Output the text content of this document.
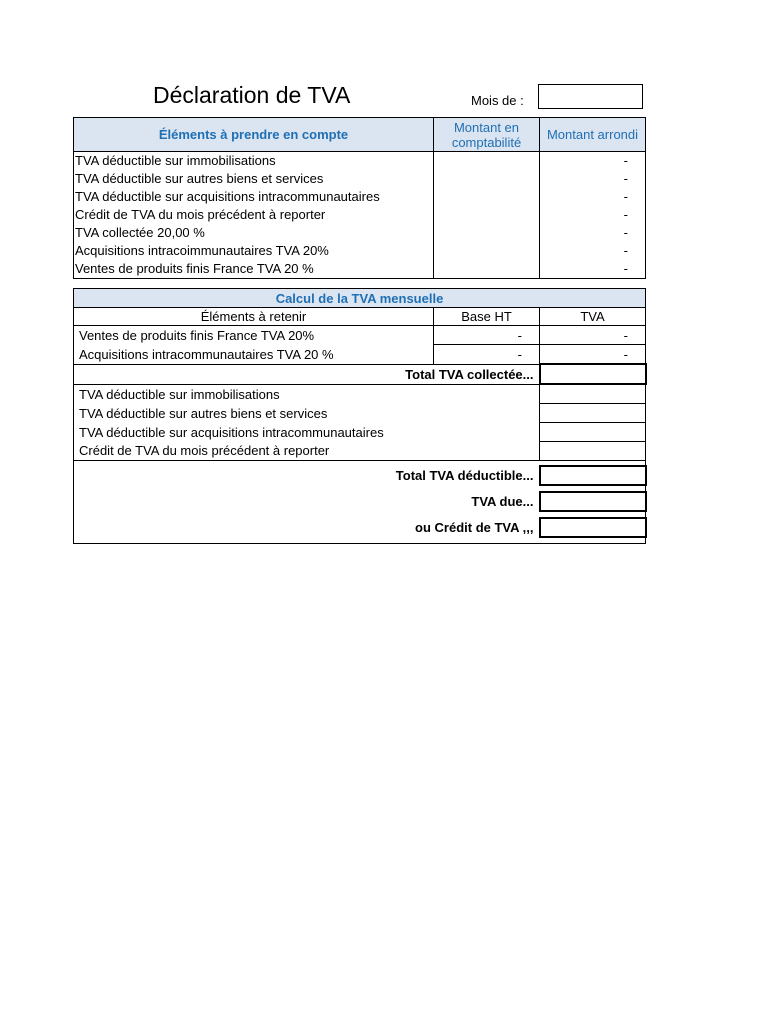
Déclaration de TVA	Mois de :
Éléments à prendre en compte	Montant en comptabilité	Montant arrondi
TVA déductible sur immobilisations		-
TVA déductible sur autres biens et services		-
TVA déductible sur acquisitions intracommunautaires		-
Crédit de TVA du mois précédent à reporter		-
TVA collectée 20,00 %		-
Acquisitions intracoimmunautaires TVA 20%		-
Ventes de produits finis France TVA 20 %		-
Calcul de la TVA mensuelle		
Éléments à retenir	Base HT	TVA
Ventes de produits finis France TVA 20%	-	-
Acquisitions intracommunautaires TVA 20 %	-	-
Total TVA collectée...		
TVA déductible sur immobilisations		
TVA déductible sur autres biens et services		
TVA déductible sur acquisitions intracommunautaires		
Crédit de TVA du mois précédent à reporter		

Total TVA déductible...		

TVA due...		

ou Crédit de TVA ,,,		
